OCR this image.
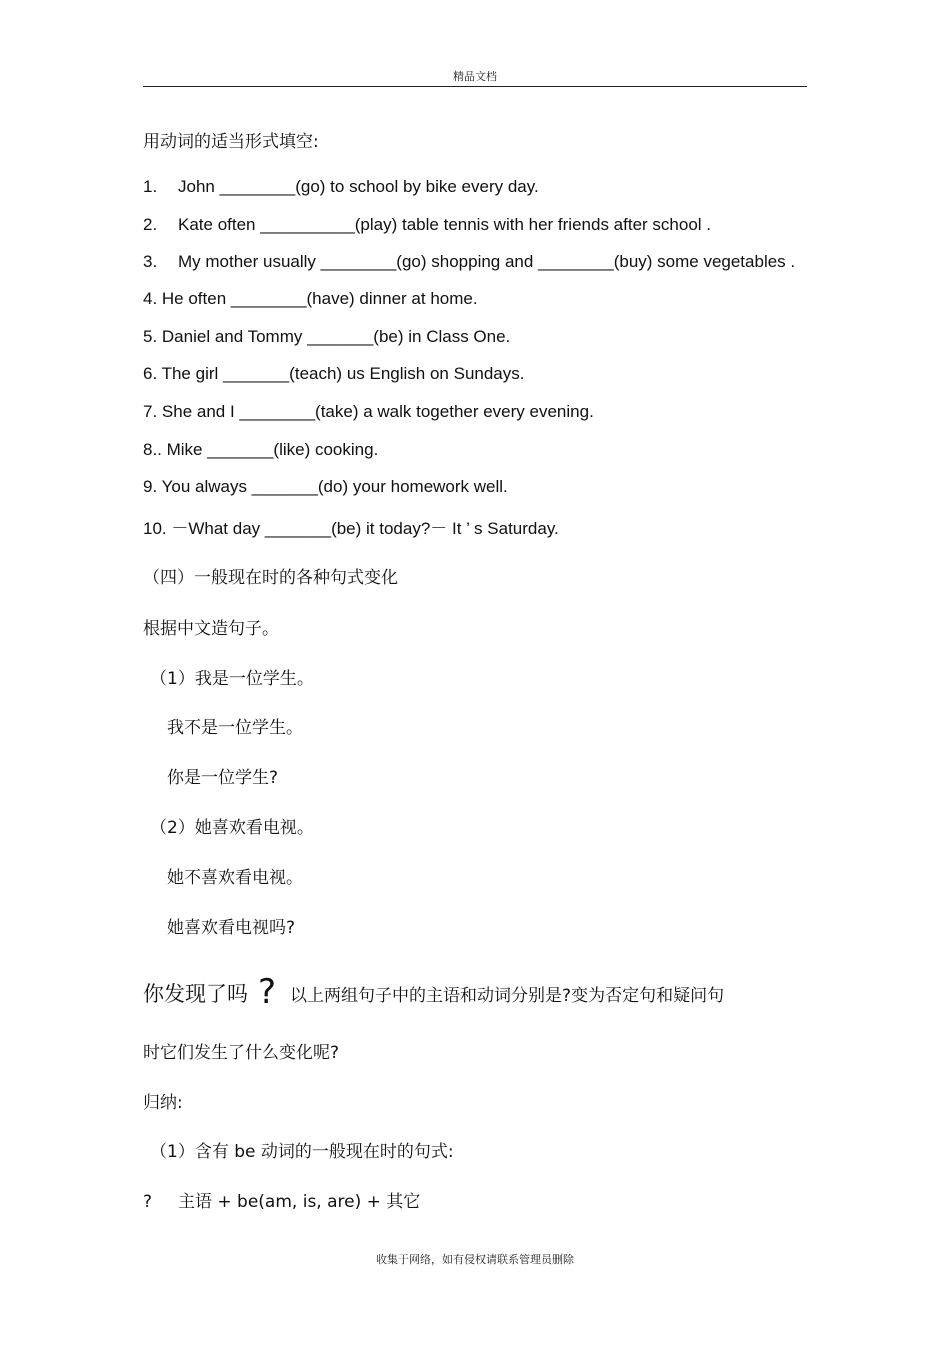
精品文档
用动词的适当形式填空:
1. John ________(go) to school by bike every day.
2. Kate often __________(play) table tennis with her friends after school .
3. My mother usually ________(go) shopping and ________(buy) some vegetables .
4. He often ________(have) dinner at home.
5. Daniel and Tommy _______(be) in Class One.
6. The girl _______(teach) us English on Sundays.
7. She and I ________(take) a walk together every evening.
8.. Mike _______(like) cooking.
9. You always _______(do) your homework well.
10. －What day _______(be) it today?－ It ’ s Saturday.
（四）一般现在时的各种句式变化
根据中文造句子。
（1）我是一位学生。
我不是一位学生。
你是一位学生?
（2）她喜欢看电视。
她不喜欢看电视。
她喜欢看电视吗?
你发现了吗 ? 以上两组句子中的主语和动词分别是?变为否定句和疑问句
时它们发生了什么变化呢?
归纳:
（1）含有 be 动词的一般现在时的句式:
? 主语 + be(am, is, are) + 其它
收集于网络，如有侵权请联系管理员删除
